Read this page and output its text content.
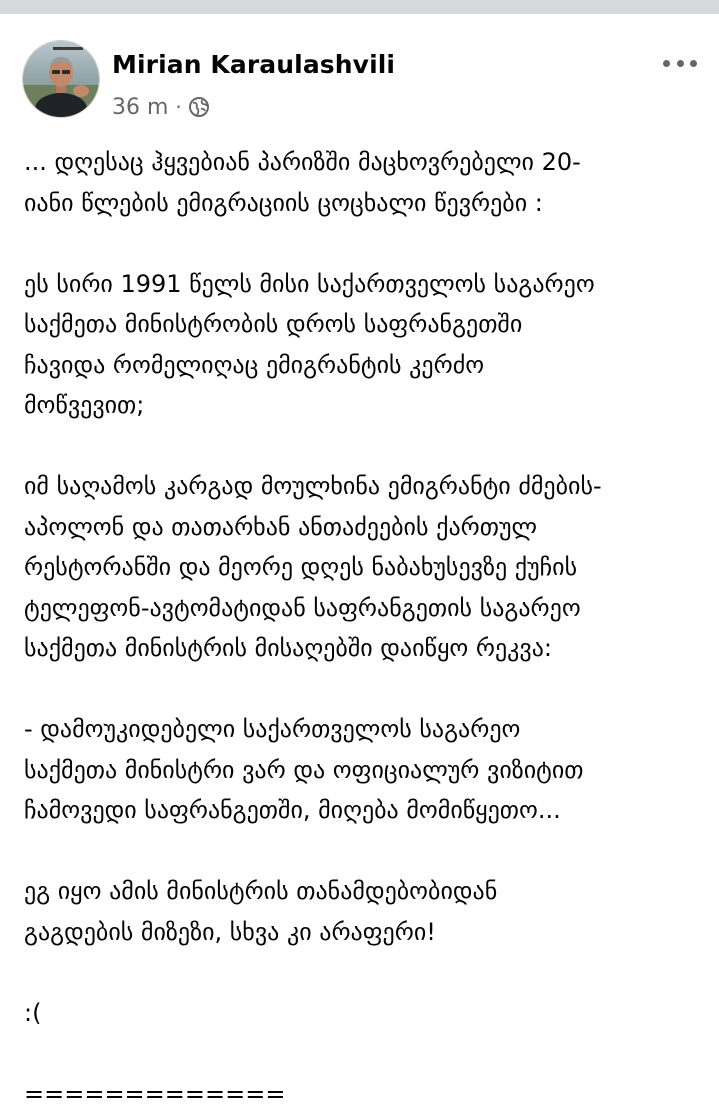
Mirian Karaulashvili
36 m ·
... დღესაც ჰყვებიან პარიზში მაცხოვრებელი 20-
იანი წლების ემიგრაციის ცოცხალი წევრები :
ეს სირი 1991 წელს მისი საქართველოს საგარეო
საქმეთა მინისტრობის დროს საფრანგეთში
ჩავიდა რომელიღაც ემიგრანტის კერძო
მოწვევით;
იმ საღამოს კარგად მოულხინა ემიგრანტი ძმების-
აპოლონ და თათარხან ანთაძეების ქართულ
რესტორანში და მეორე დღეს ნაბახუსევზე ქუჩის
ტელეფონ-ავტომატიდან საფრანგეთის საგარეო
საქმეთა მინისტრის მისაღებში დაიწყო რეკვა:
- დამოუკიდებელი საქართველოს საგარეო
საქმეთა მინისტრი ვარ და ოფიციალურ ვიზიტით
ჩამოვედი საფრანგეთში, მიღება მომიწყეთო...
ეგ იყო ამის მინისტრის თანამდებობიდან
გაგდების მიზეზი, სხვა კი არაფერი!
:(
=============
